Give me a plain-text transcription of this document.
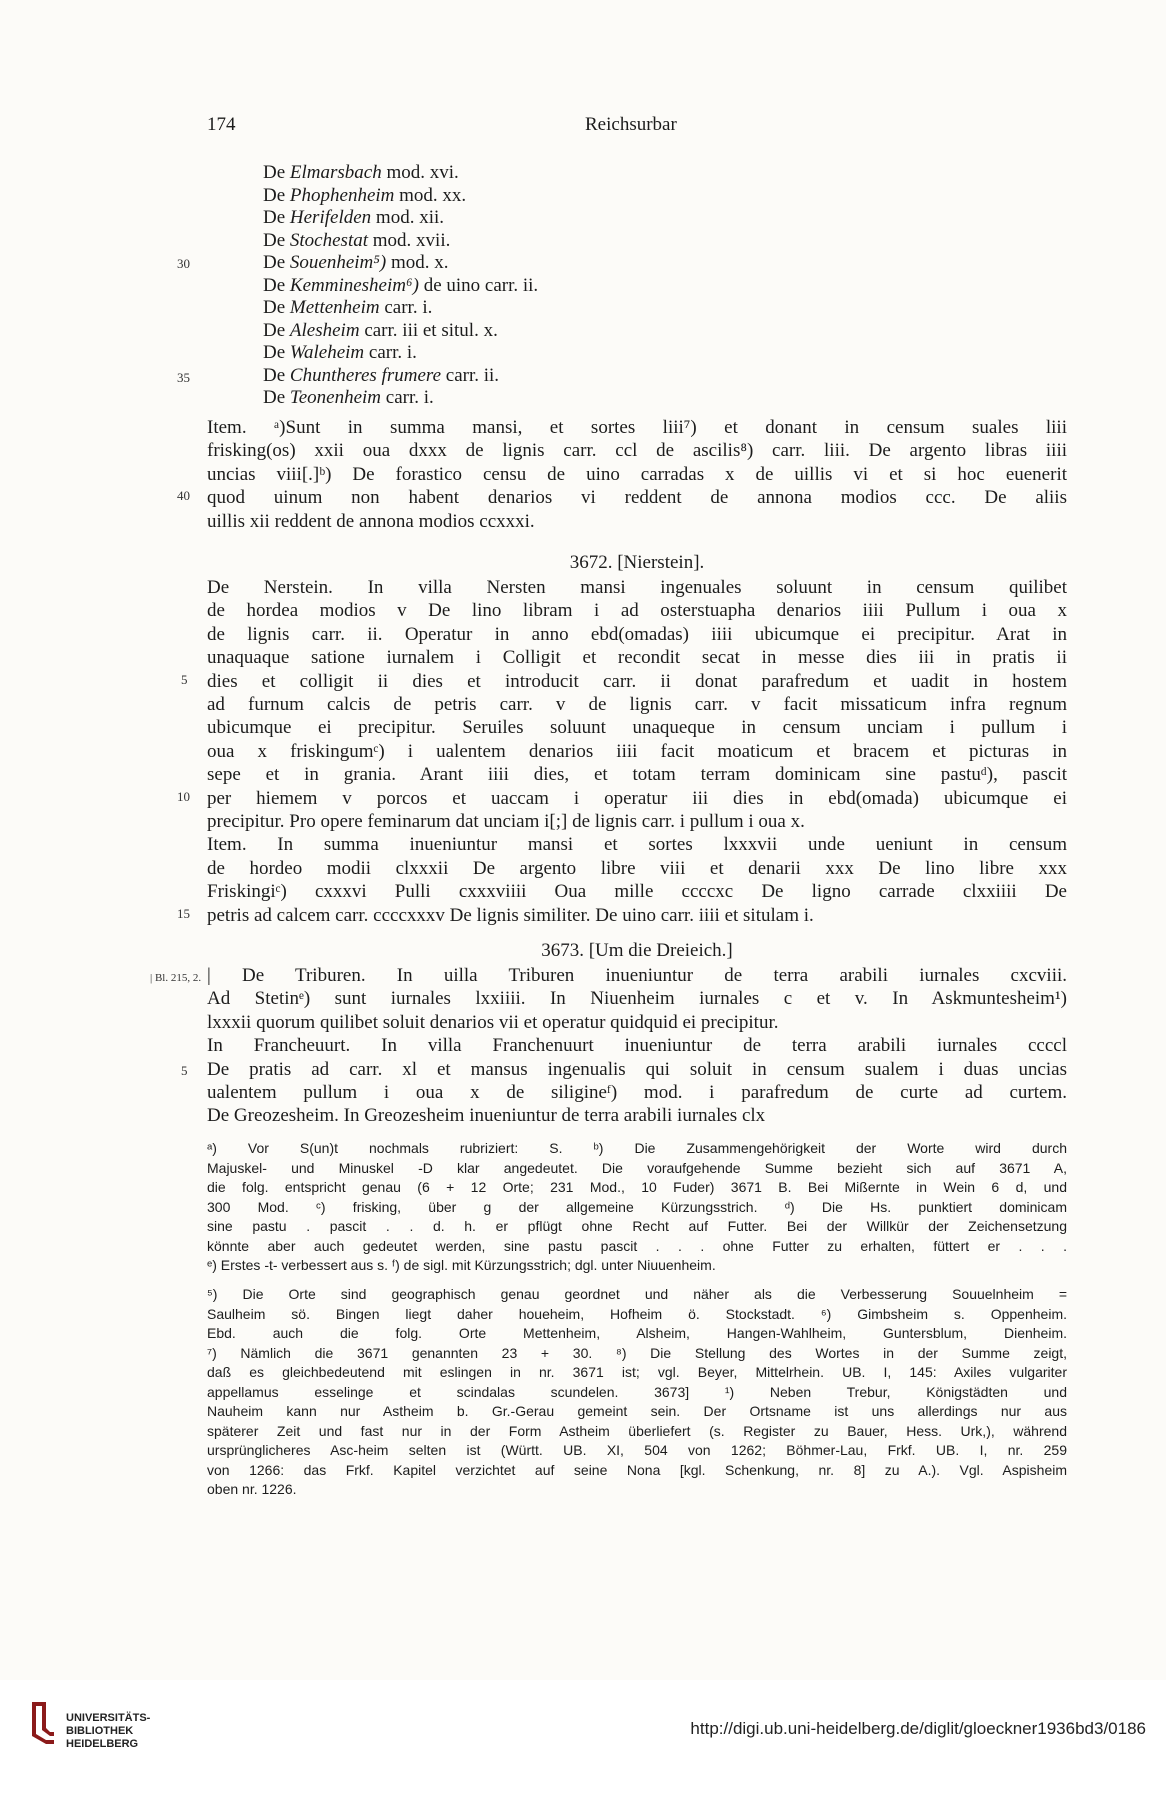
174	Reichsurbar
De Elmarsbach mod. xvi.
De Phophenheim mod. xx.
De Herifelden mod. xii.
De Stochestat mod. xvii.
De Souenheim⁵) mod. x.
De Kemminesheim⁶) de uino carr. ii.
De Mettenheim carr. i.
De Alesheim carr. iii et situl. x.
De Waleheim carr. i.
De Chuntheres frumere carr. ii.
De Teonenheim carr. i.
30
35
40
Item. ᵃ)Sunt in summa mansi, et sortes liii⁷) et donant in censum suales liii
frisking(os) xxii oua dxxx de lignis carr. ccl de ascilis⁸) carr. liii. De argento libras iiii
uncias viii[.]ᵇ) De forastico censu de uino carradas x de uillis vi et si hoc euenerit
quod uinum non habent denarios vi reddent de annona modios ccc. De aliis
uillis xii reddent de annona modios ccxxxi.
3672. [Nierstein].
5
10
15
De Nerstein. In villa Nersten mansi ingenuales soluunt in censum quilibet
de hordea modios v De lino libram i ad osterstuapha denarios iiii Pullum i oua x
de lignis carr. ii. Operatur in anno ebd(omadas) iiii ubicumque ei precipitur. Arat in
unaquaque satione iurnalem i Colligit et recondit secat in messe dies iii in pratis ii
dies et colligit ii dies et introducit carr. ii donat parafredum et uadit in hostem
ad furnum calcis de petris carr. v de lignis carr. v facit missaticum infra regnum
ubicumque ei precipitur. Seruiles soluunt unaqueque in censum unciam i pullum i
oua x friskingumᶜ) i ualentem denarios iiii facit moaticum et bracem et picturas in
sepe et in grania. Arant iiii dies, et totam terram dominicam sine pastuᵈ), pascit
per hiemem v porcos et uaccam i operatur iii dies in ebd(omada) ubicumque ei
precipitur. Pro opere feminarum dat unciam i[;] de lignis carr. i pullum i oua x.
Item. In summa inueniuntur mansi et sortes lxxxvii unde ueniunt in censum
de hordeo modii clxxxii De argento libre viii et denarii xxx De lino libre xxx
Friskingiᶜ) cxxxvi Pulli cxxxviiii Oua mille ccccxc De ligno carrade clxxiiii De
petris ad calcem carr. ccccxxxv De lignis similiter. De uino carr. iiii et situlam i.
3673. [Um die Dreieich.]
| Bl. 215, 2.
5
| De Triburen. In uilla Triburen inueniuntur de terra arabili iurnales cxcviii.
Ad Stetinᵉ) sunt iurnales lxxiiii. In Niuenheim iurnales c et v. In Askmuntesheim¹)
lxxxii quorum quilibet soluit denarios vii et operatur quidquid ei precipitur.
In Francheuurt. In villa Franchenuurt inueniuntur de terra arabili iurnales ccccl
De pratis ad carr. xl et mansus ingenualis qui soluit in censum sualem i duas uncias
ualentem pullum i oua x de siligineᶠ) mod. i parafredum de curte ad curtem.
De Greozesheim. In Greozesheim inueniuntur de terra arabili iurnales clx
ᵃ) Vor S(un)t nochmals rubriziert: S. ᵇ) Die Zusammengehörigkeit der Worte wird durch
Majuskel- und Minuskel -D klar angedeutet. Die voraufgehende Summe bezieht sich auf 3671 A,
die folg. entspricht genau (6 + 12 Orte; 231 Mod., 10 Fuder) 3671 B. Bei Mißernte in Wein 6 d, und
300 Mod. ᶜ) frisking, über g der allgemeine Kürzungsstrich. ᵈ) Die Hs. punktiert dominicam
sine pastu . pascit . . d. h. er pflügt ohne Recht auf Futter. Bei der Willkür der Zeichensetzung
könnte aber auch gedeutet werden, sine pastu pascit . . . ohne Futter zu erhalten, füttert er . . .
ᵉ) Erstes -t- verbessert aus s. ᶠ) de sigl. mit Kürzungsstrich; dgl. unter Niuuenheim.
⁵) Die Orte sind geographisch genau geordnet und näher als die Verbesserung Souuelnheim =
Saulheim sö. Bingen liegt daher houeheim, Hofheim ö. Stockstadt. ⁶) Gimbsheim s. Oppenheim.
Ebd. auch die folg. Orte Mettenheim, Alsheim, Hangen-Wahlheim, Guntersblum, Dienheim.
⁷) Nämlich die 3671 genannten 23 + 30. ⁸) Die Stellung des Wortes in der Summe zeigt,
daß es gleichbedeutend mit eslingen in nr. 3671 ist; vgl. Beyer, Mittelrhein. UB. I, 145: Axiles vulgariter
appellamus esselinge et scindalas scundelen. 3673] ¹) Neben Trebur, Königstädten und
Nauheim kann nur Astheim b. Gr.-Gerau gemeint sein. Der Ortsname ist uns allerdings nur aus
späterer Zeit und fast nur in der Form Astheim überliefert (s. Register zu Bauer, Hess. Urk,), während
ursprünglicheres Asc-heim selten ist (Württ. UB. XI, 504 von 1262; Böhmer-Lau, Frkf. UB. I, nr. 259
von 1266: das Frkf. Kapitel verzichtet auf seine Nona [kgl. Schenkung, nr. 8] zu A.). Vgl. Aspisheim
oben nr. 1226.
UNIVERSITÄTS-
BIBLIOTHEK
HEIDELBERG
http://digi.ub.uni-heidelberg.de/diglit/gloeckner1936bd3/0186
